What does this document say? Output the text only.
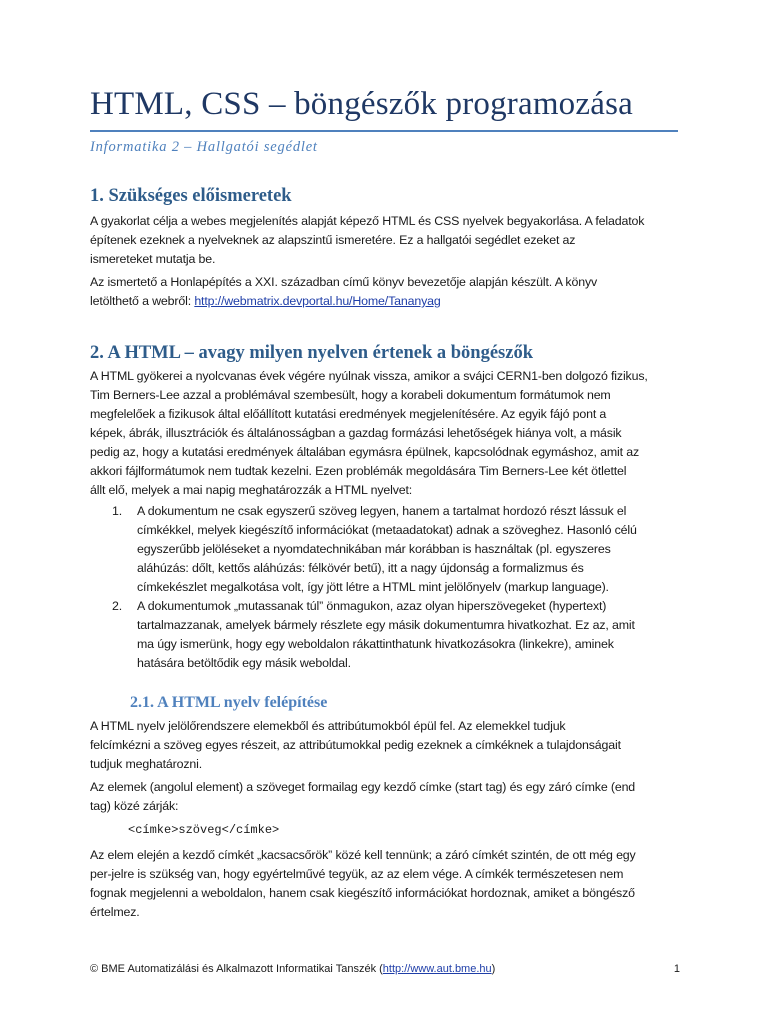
HTML, CSS – böngészők programozása
Informatika 2 – Hallgatói segédlet
1. Szükséges előismeretek
A gyakorlat célja a webes megjelenítés alapját képező HTML és CSS nyelvek begyakorlása. A feladatok
építenek ezeknek a nyelveknek az alapszintű ismeretére. Ez a hallgatói segédlet ezeket az
ismereteket mutatja be.
Az ismertető a Honlapépítés a XXI. században című könyv bevezetője alapján készült. A könyv
letölthető a webről: http://webmatrix.devportal.hu/Home/Tananyag
2. A HTML – avagy milyen nyelven értenek a böngészők
A HTML gyökerei a nyolcvanas évek végére nyúlnak vissza, amikor a svájci CERN1-ben dolgozó fizikus,
Tim Berners-Lee azzal a problémával szembesült, hogy a korabeli dokumentum formátumok nem
megfelelőek a fizikusok által előállított kutatási eredmények megjelenítésére. Az egyik fájó pont a
képek, ábrák, illusztrációk és általánosságban a gazdag formázási lehetőségek hiánya volt, a másik
pedig az, hogy a kutatási eredmények általában egymásra épülnek, kapcsolódnak egymáshoz, amit az
akkori fájlformátumok nem tudtak kezelni. Ezen problémák megoldására Tim Berners-Lee két ötlettel
állt elő, melyek a mai napig meghatározzák a HTML nyelvet:
1. A dokumentum ne csak egyszerű szöveg legyen, hanem a tartalmat hordozó részt lássuk el
címkékkel, melyek kiegészítő információkat (metaadatokat) adnak a szöveghez. Hasonló célú
egyszerűbb jelöléseket a nyomdatechnikában már korábban is használtak (pl. egyszeres
aláhúzás: dőlt, kettős aláhúzás: félkövér betű), itt a nagy újdonság a formalizmus és
címkekészlet megalkotása volt, így jött létre a HTML mint jelölőnyelv (markup language).
2. A dokumentumok „mutassanak túl” önmagukon, azaz olyan hiperszövegeket (hypertext)
tartalmazzanak, amelyek bármely részlete egy másik dokumentumra hivatkozhat. Ez az, amit
ma úgy ismerünk, hogy egy weboldalon rákattinthatunk hivatkozásokra (linkekre), aminek
hatására betöltődik egy másik weboldal.
2.1. A HTML nyelv felépítése
A HTML nyelv jelölőrendszere elemekből és attribútumokból épül fel. Az elemekkel tudjuk
felcímkézni a szöveg egyes részeit, az attribútumokkal pedig ezeknek a címkéknek a tulajdonságait
tudjuk meghatározni.
Az elemek (angolul element) a szöveget formailag egy kezdő címke (start tag) és egy záró címke (end
tag) közé zárják:
<címke>szöveg</címke>
Az elem elején a kezdő címkét „kacsacsőrök” közé kell tennünk; a záró címkét szintén, de ott még egy
per-jelre is szükség van, hogy egyértelművé tegyük, az az elem vége. A címkék természetesen nem
fognak megjelenni a weboldalon, hanem csak kiegészítő információkat hordoznak, amiket a böngésző
értelmez.
© BME Automatizálási és Alkalmazott Informatikai Tanszék (http://www.aut.bme.hu)	1
